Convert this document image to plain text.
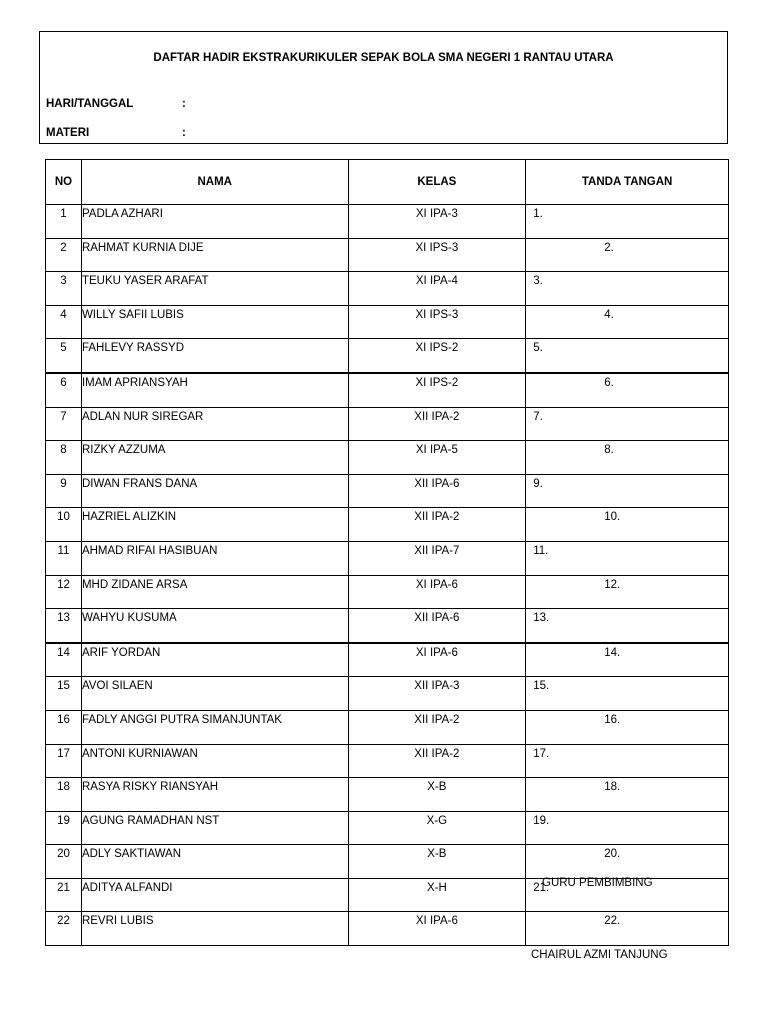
DAFTAR HADIR EKSTRAKURIKULER SEPAK BOLA SMA NEGERI 1 RANTAU UTARA
HARI/TANGGAL	:
MATERI	:
NO	NAMA	KELAS	TANDA TANGAN
1	PADLA AZHARI	XI IPA-3	1.
2	RAHMAT KURNIA DIJE	XI IPS-3	2.
3	TEUKU YASER ARAFAT	XI IPA-4	3.
4	WILLY SAFII LUBIS	XI IPS-3	4.
5	FAHLEVY RASSYD	XI IPS-2	5.
6	IMAM APRIANSYAH	XI IPS-2	6.
7	ADLAN NUR SIREGAR	XII IPA-2	7.
8	RIZKY AZZUMA	XI IPA-5	8.
9	DIWAN FRANS DANA	XII IPA-6	9.
10	HAZRIEL ALIZKIN	XII IPA-2	10.
11	AHMAD RIFAI HASIBUAN	XII IPA-7	11.
12	MHD ZIDANE ARSA	XI IPA-6	12.
13	WAHYU KUSUMA	XII IPA-6	13.
14	ARIF YORDAN	XI IPA-6	14.
15	AVOI SILAEN	XII IPA-3	15.
16	FADLY ANGGI PUTRA SIMANJUNTAK	XII IPA-2	16.
17	ANTONI KURNIAWAN	XII IPA-2	17.
18	RASYA RISKY RIANSYAH	X-B	18.
19	AGUNG RAMADHAN NST	X-G	19.
20	ADLY SAKTIAWAN	X-B	20.
21	ADITYA ALFANDI	X-H	21.
22	REVRI LUBIS	XI IPA-6	22.
GURU PEMBIMBING
CHAIRUL AZMI TANJUNG
